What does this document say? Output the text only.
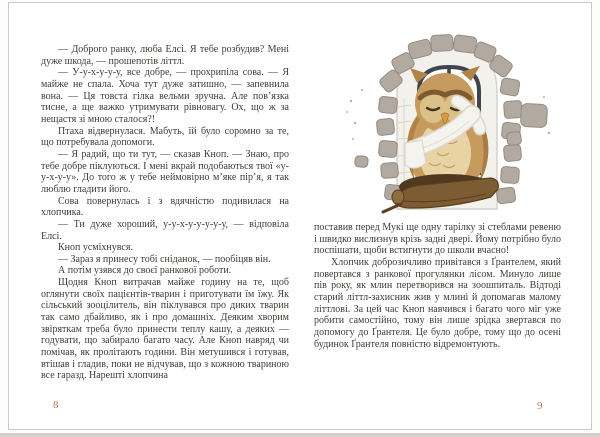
— Доброго ранку, люба Елсі. Я тебе розбудив? Мені дуже шкода, — прошепотів літтл.

— У-у-х-у-у-у, все добре, — прохрипіла сова. — Я майже не спала. Хоча тут дуже затишно, — запевнила вона. — Ця товста гілка вельми зручна. Але пов’язка тисне, а ще важко утримувати рівновагу. Ох, що ж за нещастя зі мною сталося?!

Птаха відвернулася. Мабуть, їй було соромно за те, що потребувала допомоги.

— Я радий, що ти тут, — сказав Кноп. — Знаю, про тебе добре піклуються. І мені вкрай подобаються твої «у-у-х-у-у». До того ж у тебе неймовірно м’яке пір’я, я так люблю гладити його.

Сова повернулась і з вдячністю подивилася на хлопчика.

— Ти дуже хороший, у-у-х-у-у-у-у-у, — відповіла Елсі.

Кноп усміхнувся.

— Зараз я принесу тобі сніданок, — пообіцяв він.

А потім узявся до своєї ранкової роботи.

Щодня Кноп витрачав майже годину на те, щоб оглянути своїх пацієнтів-тварин і приготувати їм їжу. Як сільський зооцілитель, він піклувався про диких тварин так само дбайливо, як і про домашніх. Деяким хворим звіряткам треба було принести теплу кашу, а деяких — годувати, що забирало багато часу. Але Кноп навряд чи помічав, як пролітають години. Він метушився і готував, втішав і гладив, поки не відчував, що з кожною твариною все гаразд. Нарешті хлопчина

8

поставив перед Мукі ще одну тарілку зі стеблами ревеню і швидко вислизнув крізь задні двері. Йому потрібно було поспішати, щоби встигнути до школи вчасно!

Хлопчик доброзичливо привітався з Ґрантелем, який повертався з ранкової прогулянки лісом. Минуло лише пів року, як млин перетворився на зоошпиталь. Відтоді старий літтл-захисник жив у млині й допомагав малому літтлові. За цей час Кноп навчився і багато чого міг уже робити самостійно, тому він лише зрідка звертався по допомогу до Ґрантеля. Це було добре, тому що до осені будинок Ґрантеля повністю відремонтують.

9
